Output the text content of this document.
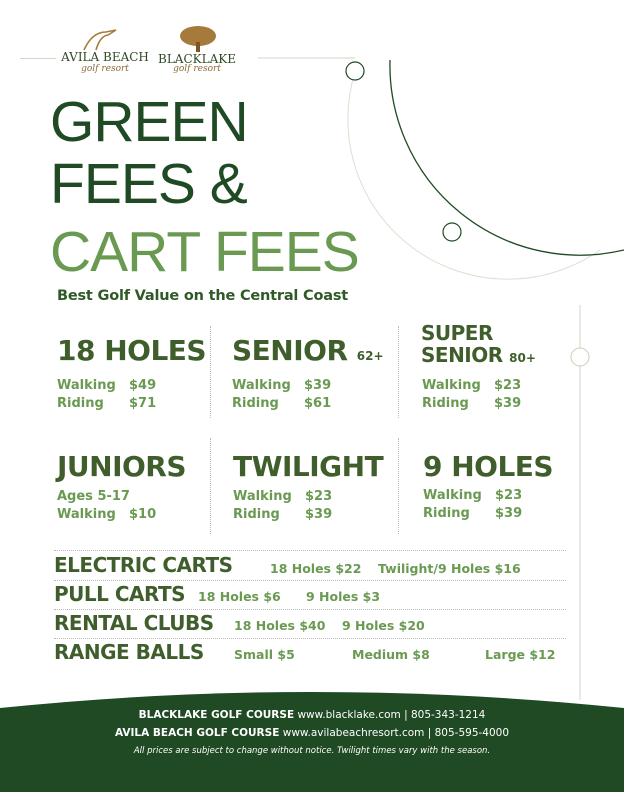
AVILA BEACH
golf resort
BLACKLAKE
golf resort
GREEN
FEES &
CART FEES
Best Golf Value on the Central Coast
18 HOLES
Walking $49
Riding $71
SENIOR 62+
Walking $39
Riding $61
SUPER
SENIOR 80+
Walking $23
Riding $39
JUNIORS
Ages 5-17
Walking $10
TWILIGHT
Walking $23
Riding $39
9 HOLES
Walking $23
Riding $39
ELECTRIC CARTS	18 Holes $22 Twilight/9 Holes $16
PULL CARTS 18 Holes $6 9 Holes $3
RENTAL CLUBS 18 Holes $40 9 Holes $20
RANGE BALLS Small $5	Medium $8	Large $12
BLACKLAKE GOLF COURSE www.blacklake.com | 805-343-1214
AVILA BEACH GOLF COURSE www.avilabeachresort.com | 805-595-4000
All prices are subject to change without notice. Twilight times vary with the season.
